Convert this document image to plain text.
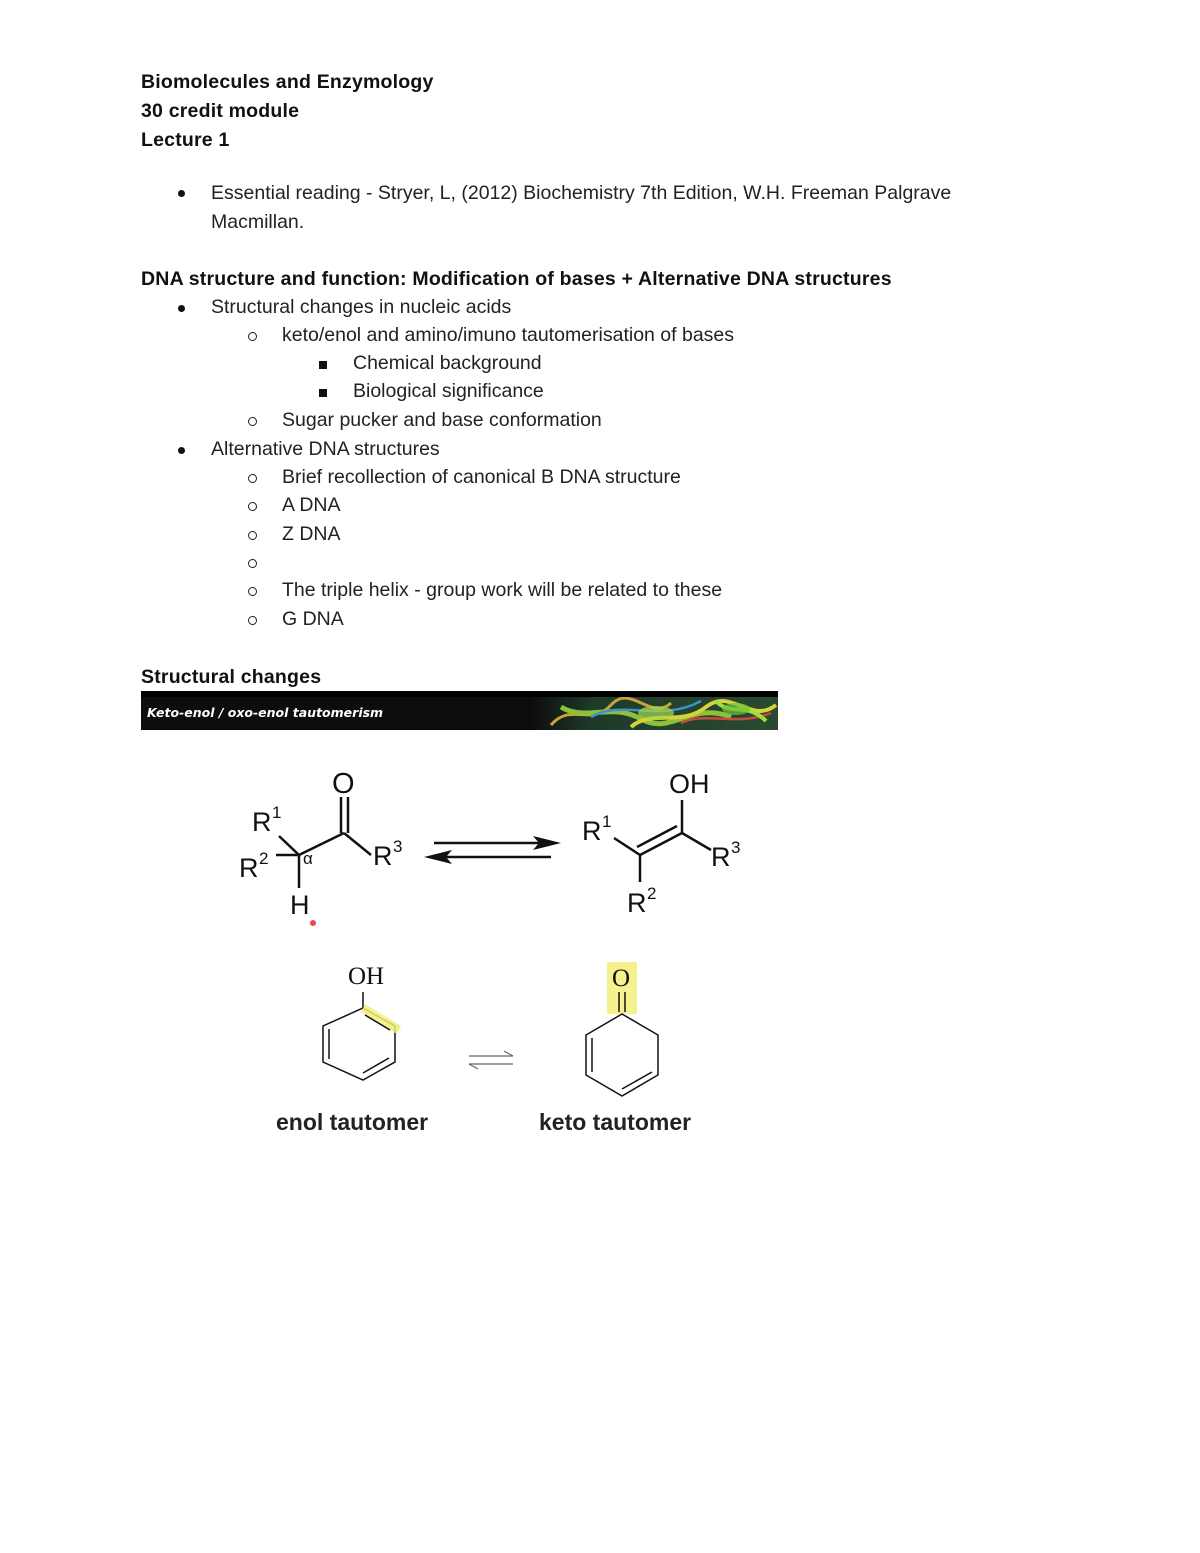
Biomolecules and Enzymology
30 credit module
Lecture 1
Essential reading - Stryer, L, (2012) Biochemistry 7th Edition, W.H. Freeman Palgrave
Macmillan.
DNA structure and function: Modification of bases + Alternative DNA structures
Structural changes in nucleic acids
keto/enol and amino/imuno tautomerisation of bases
Chemical background
Biological significance
Sugar pucker and base conformation
Alternative DNA structures
Brief recollection of canonical B DNA structure
A DNA
Z DNA
The triple helix - group work will be related to these
G DNA
Structural changes
Keto-enol / oxo-enol tautomerism
O
R 1
R 2 α R 3
H
OH
R 1
R 2
R 3
OH
enol tautomer
O
keto tautomer
